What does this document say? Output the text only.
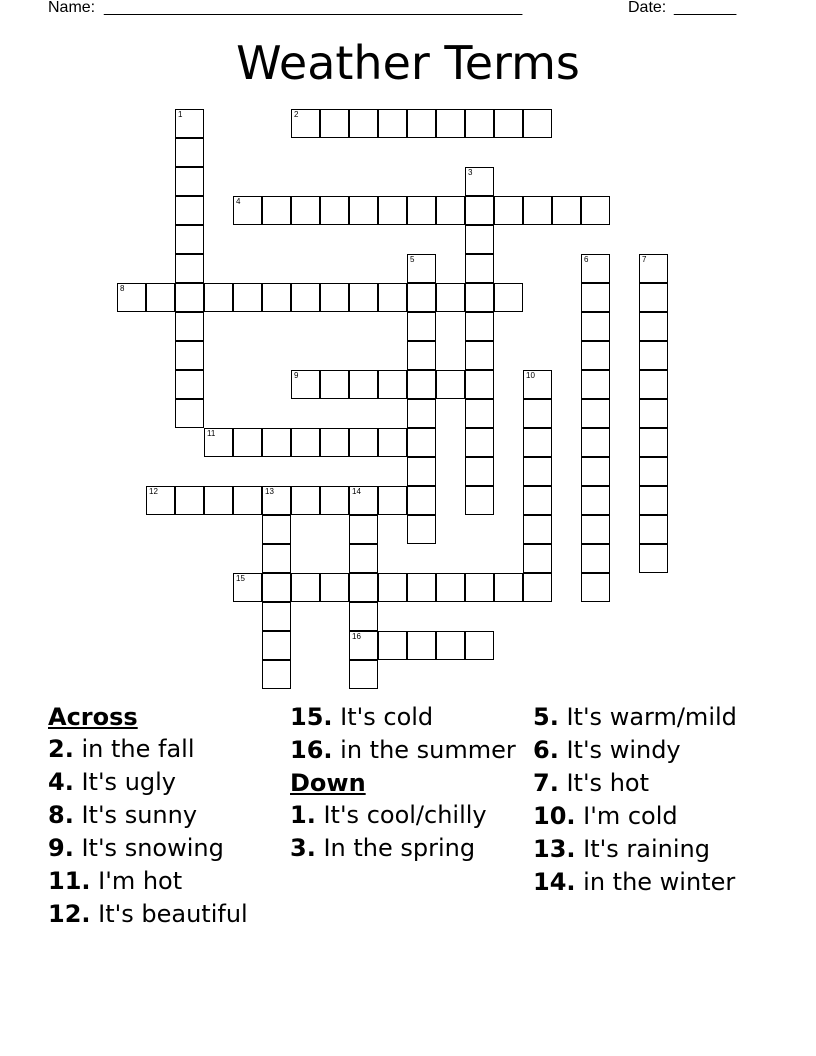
Name: _______________________________________________	Date: _______
Weather Terms
1	2
3
4
5	6	7
8
9	10
11
12	13	14
16
15
Across
2. in the fall
4. It's ugly
8. It's sunny
9. It's snowing
11. I'm hot
12. It's beautiful
15. It's cold
16. in the summer
Down
1. It's cool/chilly
3. In the spring
5. It's warm/mild
6. It's windy
7. It's hot
10. I'm cold
13. It's raining
14. in the winter
